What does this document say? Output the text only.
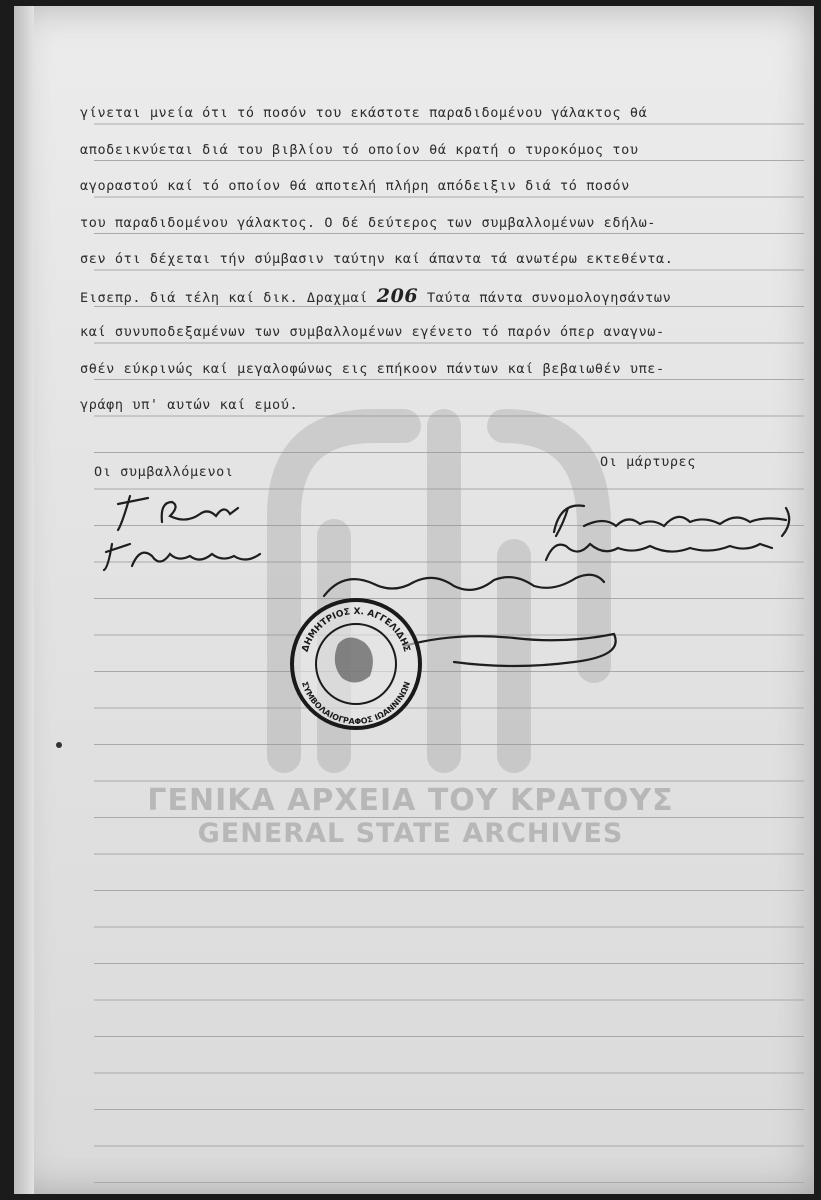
γίνεται μνεία ότι τό ποσόν του εκάστοτε παραδιδομένου γάλακτος θά
αποδεικνύεται διά του βιβλίου τό οποίον θά κρατή ο τυροκόμος του
αγοραστού καί τό οποίον θά αποτελή πλήρη απόδειξιν διά τό ποσόν
του παραδιδομένου γάλακτος. Ο δέ δεύτερος των συμβαλλομένων εδήλω-
σεν ότι δέχεται τήν σύμβασιν ταύτην καί άπαντα τά ανωτέρω εκτεθέντα.
Εισεπρ. διά τέλη καί δικ. Δραχμαί 206 Ταύτα πάντα συνομολογησάντων
καί συνυποδεξαμένων των συμβαλλομένων εγένετο τό παρόν όπερ αναγνω-
σθέν εύκρινώς καί μεγαλοφώνως εις επήκοον πάντων καί βεβαιωθέν υπε-
γράφη υπ' αυτών καί εμού.
Οι συμβαλλόμενοι
Οι μάρτυρες
ΔΗΜΗΤΡΙΟΣ Χ. ΑΓΓΕΛΙΔΗΣ
ΣΥΜΒΟΛΑΙΟΓΡΑΦΟΣ ΙΩΑΝΝΙΝΩΝ
ΓΕΝΙΚΑ ΑΡΧΕΙΑ ΤΟΥ ΚΡΑΤΟΥΣ
GENERAL STATE ARCHIVES
